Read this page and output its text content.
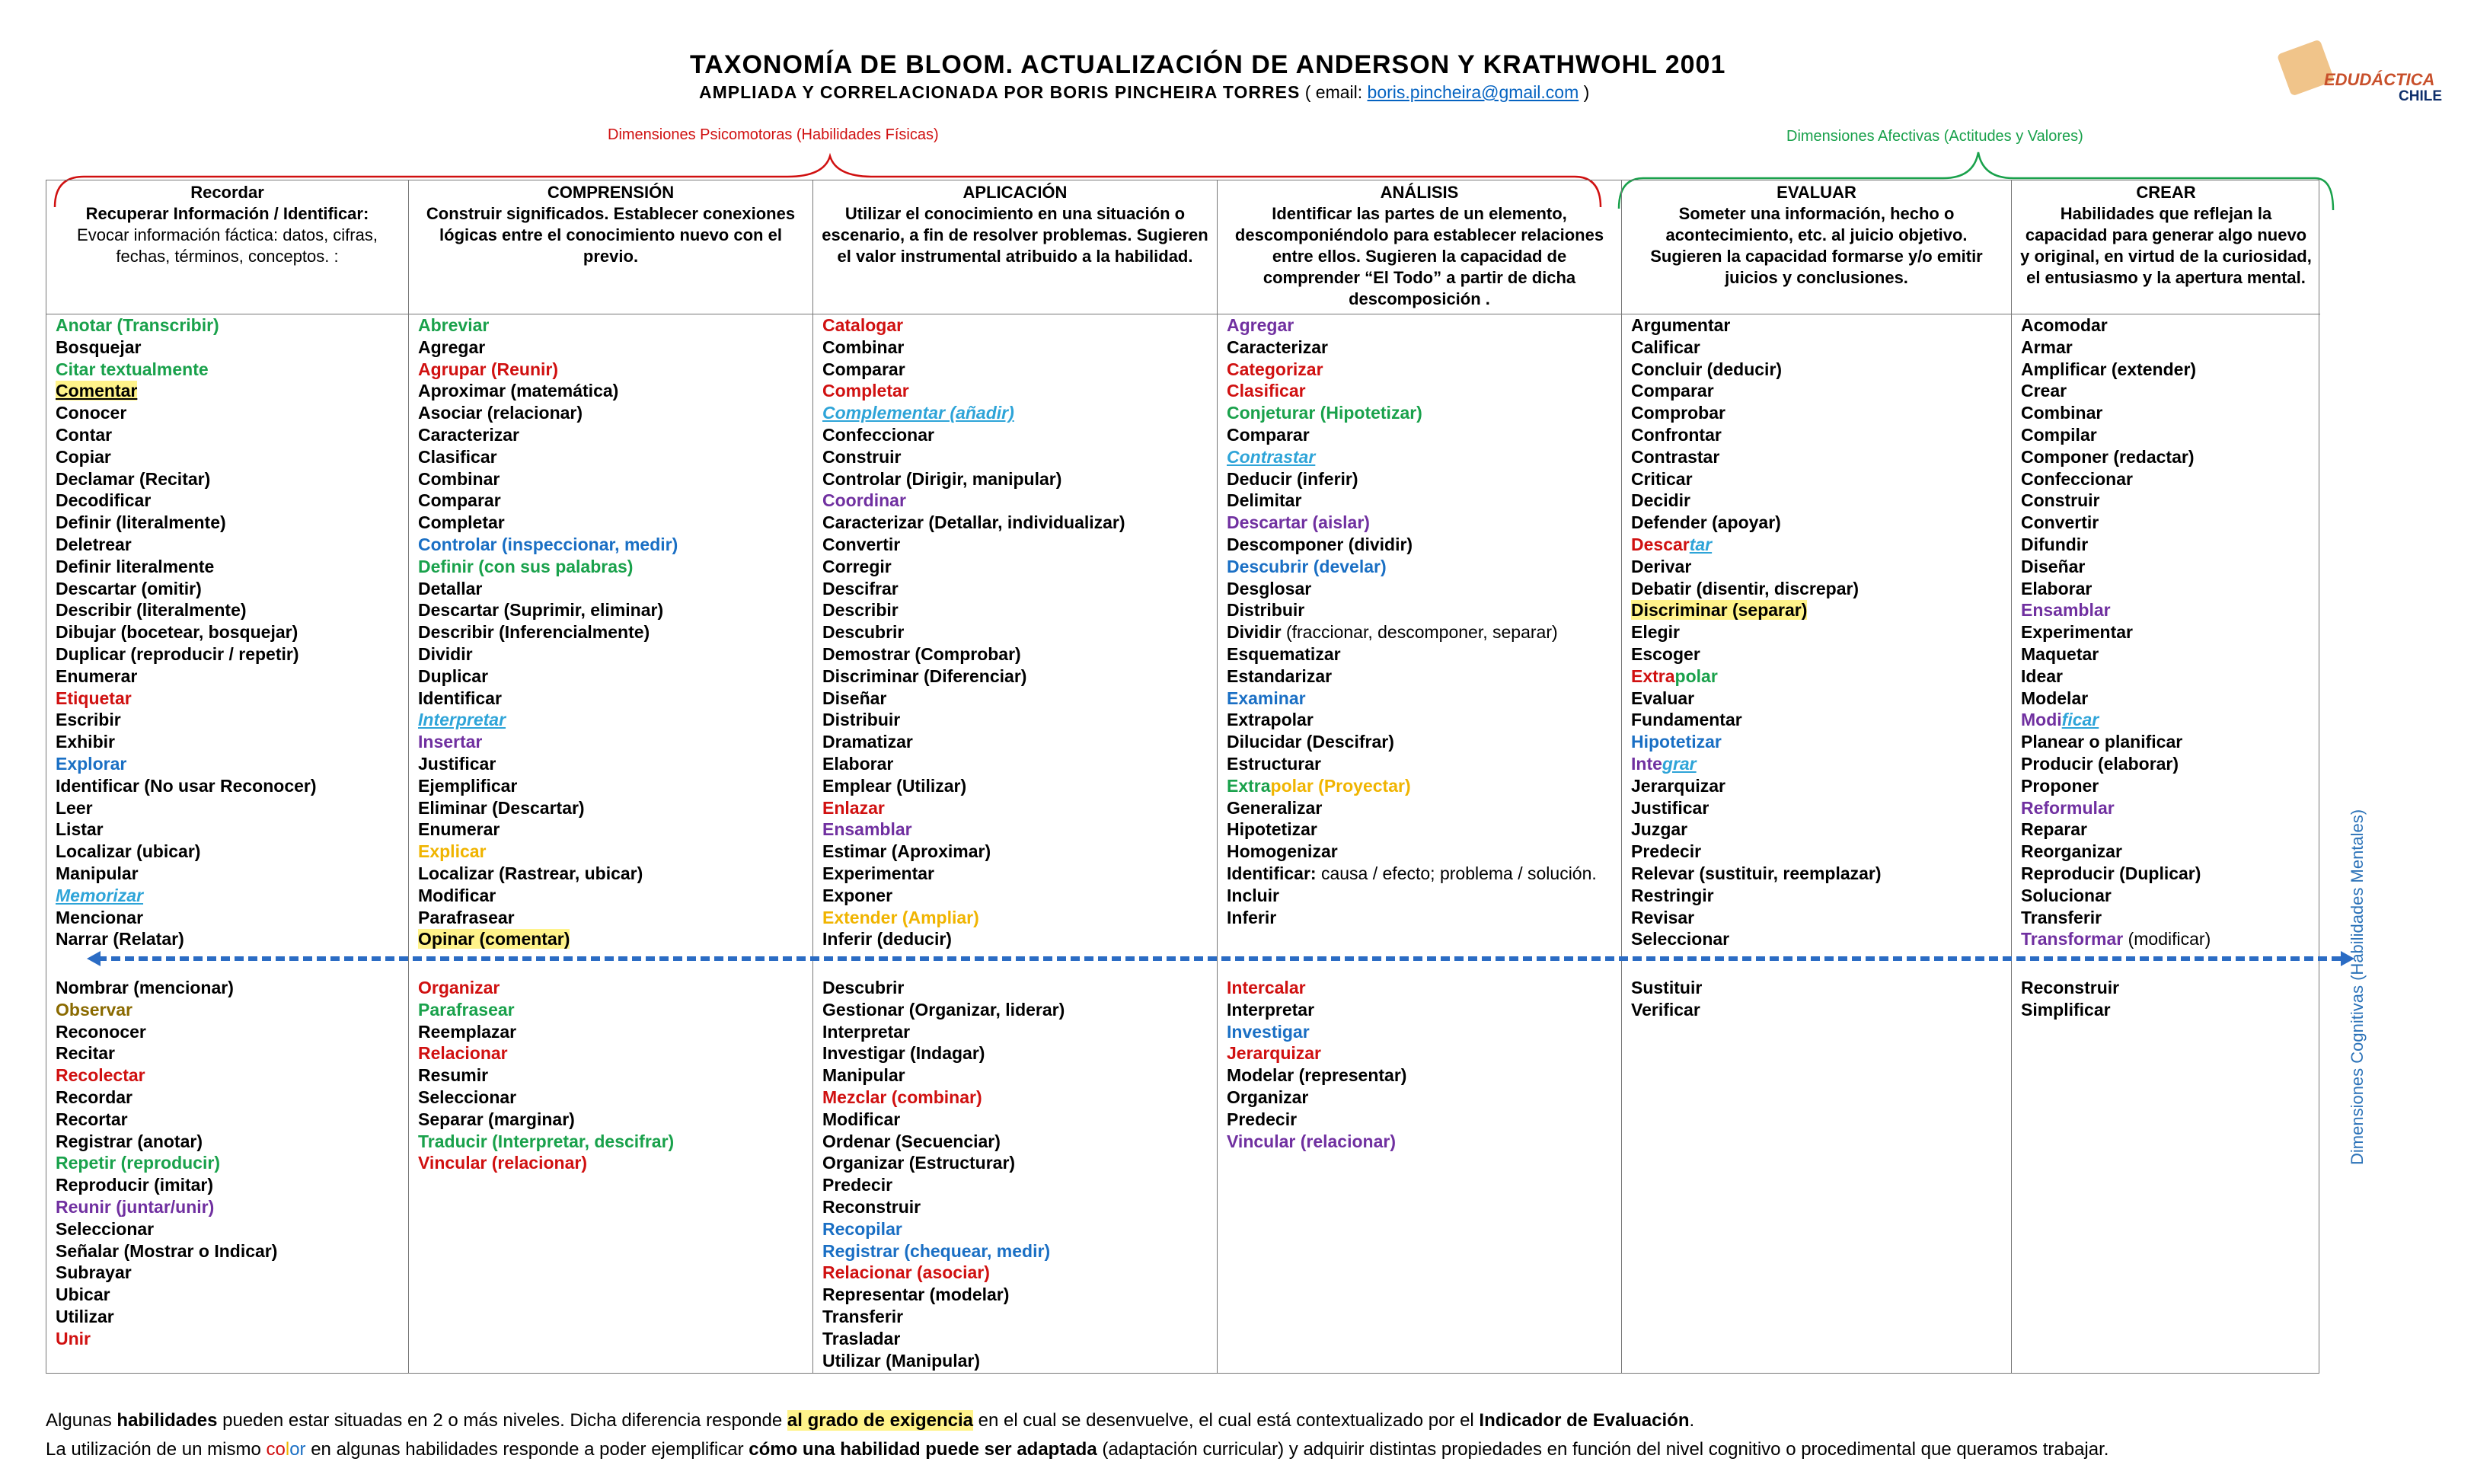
TAXONOMÍA DE BLOOM. ACTUALIZACIÓN DE ANDERSON Y KRATHWOHL 2001
AMPLIADA Y CORRELACIONADA POR BORIS PINCHEIRA TORRES ( email: boris.pincheira@gmail.com )
EDUDÁCTICA
CHILE
Dimensiones Psicomotoras (Habilidades Físicas)	Dimensiones Afectivas (Actitudes y Valores)
Dimensiones Cognitivas (Habilidades Mentales)
Recordar
Recuperar Información / Identificar:
Evocar información fáctica: datos, cifras, fechas, términos, conceptos. :
Anotar (Transcribir)
Bosquejar
Citar textualmente
Comentar
Conocer
Contar
Copiar
Declamar (Recitar)
Decodificar
Definir (literalmente)
Deletrear
Definir literalmente
Descartar (omitir)
Describir (literalmente)
Dibujar (bocetear, bosquejar)
Duplicar (reproducir / repetir)
Enumerar
Etiquetar
Escribir
Exhibir
Explorar
Identificar (No usar Reconocer)
Leer
Listar
Localizar (ubicar)
Manipular
Memorizar
Mencionar
Narrar (Relatar)
Nombrar (mencionar)
Observar
Reconocer
Recitar
Recolectar
Recordar
Recortar
Registrar (anotar)
Repetir (reproducir)
Reproducir (imitar)
Reunir (juntar/unir)
Seleccionar
Señalar (Mostrar o Indicar)
Subrayar
Ubicar
Utilizar
Unir
COMPRENSIÓN
Construir significados. Establecer conexiones lógicas entre el conocimiento nuevo con el previo.
Abreviar
Agregar
Agrupar (Reunir)
Aproximar (matemática)
Asociar (relacionar)
Caracterizar
Clasificar
Combinar
Comparar
Completar
Controlar (inspeccionar, medir)
Definir (con sus palabras)
Detallar
Descartar (Suprimir, eliminar)
Describir (Inferencialmente)
Dividir
Duplicar
Identificar
Interpretar
Insertar
Justificar
Ejemplificar
Eliminar (Descartar)
Enumerar
Explicar
Localizar (Rastrear, ubicar)
Modificar
Parafrasear
Opinar (comentar)
Organizar
Parafrasear
Reemplazar
Relacionar
Resumir
Seleccionar
Separar (marginar)
Traducir (Interpretar, descifrar)
Vincular (relacionar)
APLICACIÓN
Utilizar el conocimiento en una situación o escenario, a fin de resolver problemas. Sugieren el valor instrumental atribuido a la habilidad.
Catalogar
Combinar
Comparar
Completar
Complementar (añadir)
Confeccionar
Construir
Controlar (Dirigir, manipular)
Coordinar
Caracterizar (Detallar, individualizar)
Convertir
Corregir
Descifrar
Describir
Descubrir
Demostrar (Comprobar)
Discriminar (Diferenciar)
Diseñar
Distribuir
Dramatizar
Elaborar
Emplear (Utilizar)
Enlazar
Ensamblar
Estimar (Aproximar)
Experimentar
Exponer
Extender (Ampliar)
Inferir (deducir)
Descubrir
Gestionar (Organizar, liderar)
Interpretar
Investigar (Indagar)
Manipular
Mezclar (combinar)
Modificar
Ordenar (Secuenciar)
Organizar (Estructurar)
Predecir
Reconstruir
Recopilar
Registrar (chequear, medir)
Relacionar (asociar)
Representar (modelar)
Transferir
Trasladar
Utilizar (Manipular)
ANÁLISIS
Identificar las partes de un elemento, descomponiéndolo para establecer relaciones entre ellos. Sugieren la capacidad de comprender “El Todo” a partir de dicha descomposición .
Agregar
Caracterizar
Categorizar
Clasificar
Conjeturar (Hipotetizar)
Comparar
Contrastar
Deducir (inferir)
Delimitar
Descartar (aislar)
Descomponer (dividir)
Descubrir (develar)
Desglosar
Distribuir
Dividir (fraccionar, descomponer, separar)
Esquematizar
Estandarizar
Examinar
Extrapolar
Dilucidar (Descifrar)
Estructurar
Extrapolar (Proyectar)
Generalizar
Hipotetizar
Homogenizar
Identificar: causa / efecto; problema / solución.
Incluir
Inferir
Intercalar
Interpretar
Investigar
Jerarquizar
Modelar (representar)
Organizar
Predecir
Vincular (relacionar)
EVALUAR
Someter una información, hecho o acontecimiento, etc. al juicio objetivo. Sugieren la capacidad formarse y/o emitir juicios y conclusiones.
Argumentar
Calificar
Concluir (deducir)
Comparar
Comprobar
Confrontar
Contrastar
Criticar
Decidir
Defender (apoyar)
Descartar
Derivar
Debatir (disentir, discrepar)
Discriminar (separar)
Elegir
Escoger
Extrapolar
Evaluar
Fundamentar
Hipotetizar
Integrar
Jerarquizar
Justificar
Juzgar
Predecir
Relevar (sustituir, reemplazar)
Restringir
Revisar
Seleccionar
Sustituir
Verificar
CREAR
Habilidades que reflejan la capacidad para generar algo nuevo y original, en virtud de la curiosidad, el entusiasmo y la apertura mental.
Acomodar
Armar
Amplificar (extender)
Crear
Combinar
Compilar
Componer (redactar)
Confeccionar
Construir
Convertir
Difundir
Diseñar
Elaborar
Ensamblar
Experimentar
Maquetar
Idear
Modelar
Modificar
Planear o planificar
Producir (elaborar)
Proponer
Reformular
Reparar
Reorganizar
Reproducir (Duplicar)
Solucionar
Transferir
Transformar (modificar)
Reconstruir
Simplificar
Algunas habilidades pueden estar situadas en 2 o más niveles. Dicha diferencia responde al grado de exigencia en el cual se desenvuelve, el cual está contextualizado por el Indicador de Evaluación.
La utilización de un mismo color en algunas habilidades responde a poder ejemplificar cómo una habilidad puede ser adaptada (adaptación curricular) y adquirir distintas propiedades en función del nivel cognitivo o procedimental que queramos trabajar.
